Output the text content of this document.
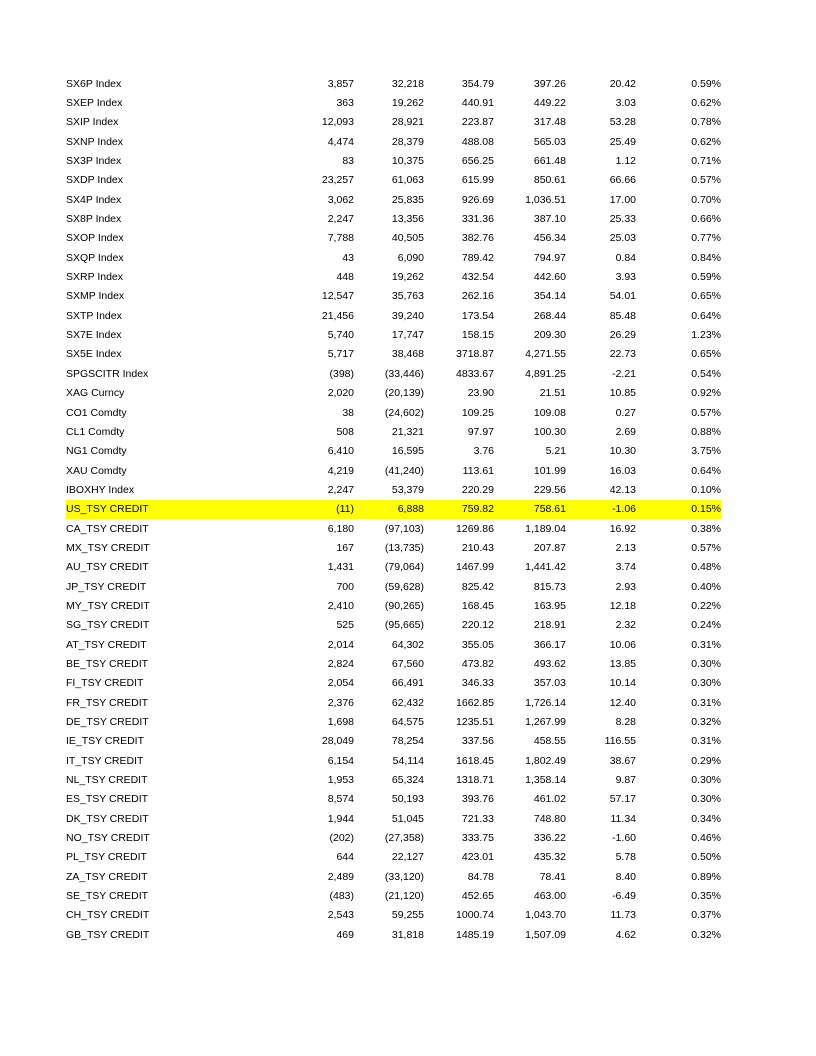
SX6P Index	3,857	32,218	354.79	397.26	20.42	0.59%
SXEP Index	363	19,262	440.91	449.22	3.03	0.62%
SXIP Index	12,093	28,921	223.87	317.48	53.28	0.78%
SXNP Index	4,474	28,379	488.08	565.03	25.49	0.62%
SX3P Index	83	10,375	656.25	661.48	1.12	0.71%
SXDP Index	23,257	61,063	615.99	850.61	66.66	0.57%
SX4P Index	3,062	25,835	926.69	1,036.51	17.00	0.70%
SX8P Index	2,247	13,356	331.36	387.10	25.33	0.66%
SXOP Index	7,788	40,505	382.76	456.34	25.03	0.77%
SXQP Index	43	6,090	789.42	794.97	0.84	0.84%
SXRP Index	448	19,262	432.54	442.60	3.93	0.59%
SXMP Index	12,547	35,763	262.16	354.14	54.01	0.65%
SXTP Index	21,456	39,240	173.54	268.44	85.48	0.64%
SX7E Index	5,740	17,747	158.15	209.30	26.29	1.23%
SX5E Index	5,717	38,468	3718.87	4,271.55	22.73	0.65%
SPGSCITR Index	(398)	(33,446)	4833.67	4,891.25	-2.21	0.54%
XAG Curncy	2,020	(20,139)	23.90	21.51	10.85	0.92%
CO1 Comdty	38	(24,602)	109.25	109.08	0.27	0.57%
CL1 Comdty	508	21,321	97.97	100.30	2.69	0.88%
NG1 Comdty	6,410	16,595	3.76	5.21	10.30	3.75%
XAU Comdty	4,219	(41,240)	113.61	101.99	16.03	0.64%
IBOXHY Index	2,247	53,379	220.29	229.56	42.13	0.10%
US_TSY CREDIT	(11)	6,888	759.82	758.61	-1.06	0.15%
CA_TSY CREDIT	6,180	(97,103)	1269.86	1,189.04	16.92	0.38%
MX_TSY CREDIT	167	(13,735)	210.43	207.87	2.13	0.57%
AU_TSY CREDIT	1,431	(79,064)	1467.99	1,441.42	3.74	0.48%
JP_TSY CREDIT	700	(59,628)	825.42	815.73	2.93	0.40%
MY_TSY CREDIT	2,410	(90,265)	168.45	163.95	12.18	0.22%
SG_TSY CREDIT	525	(95,665)	220.12	218.91	2.32	0.24%
AT_TSY CREDIT	2,014	64,302	355.05	366.17	10.06	0.31%
BE_TSY CREDIT	2,824	67,560	473.82	493.62	13.85	0.30%
FI_TSY CREDIT	2,054	66,491	346.33	357.03	10.14	0.30%
FR_TSY CREDIT	2,376	62,432	1662.85	1,726.14	12.40	0.31%
DE_TSY CREDIT	1,698	64,575	1235.51	1,267.99	8.28	0.32%
IE_TSY CREDIT	28,049	78,254	337.56	458.55	116.55	0.31%
IT_TSY CREDIT	6,154	54,114	1618.45	1,802.49	38.67	0.29%
NL_TSY CREDIT	1,953	65,324	1318.71	1,358.14	9.87	0.30%
ES_TSY CREDIT	8,574	50,193	393.76	461.02	57.17	0.30%
DK_TSY CREDIT	1,944	51,045	721.33	748.80	11.34	0.34%
NO_TSY CREDIT	(202)	(27,358)	333.75	336.22	-1.60	0.46%
PL_TSY CREDIT	644	22,127	423.01	435.32	5.78	0.50%
ZA_TSY CREDIT	2,489	(33,120)	84.78	78.41	8.40	0.89%
SE_TSY CREDIT	(483)	(21,120)	452.65	463.00	-6.49	0.35%
CH_TSY CREDIT	2,543	59,255	1000.74	1,043.70	11.73	0.37%
GB_TSY CREDIT	469	31,818	1485.19	1,507.09	4.62	0.32%
